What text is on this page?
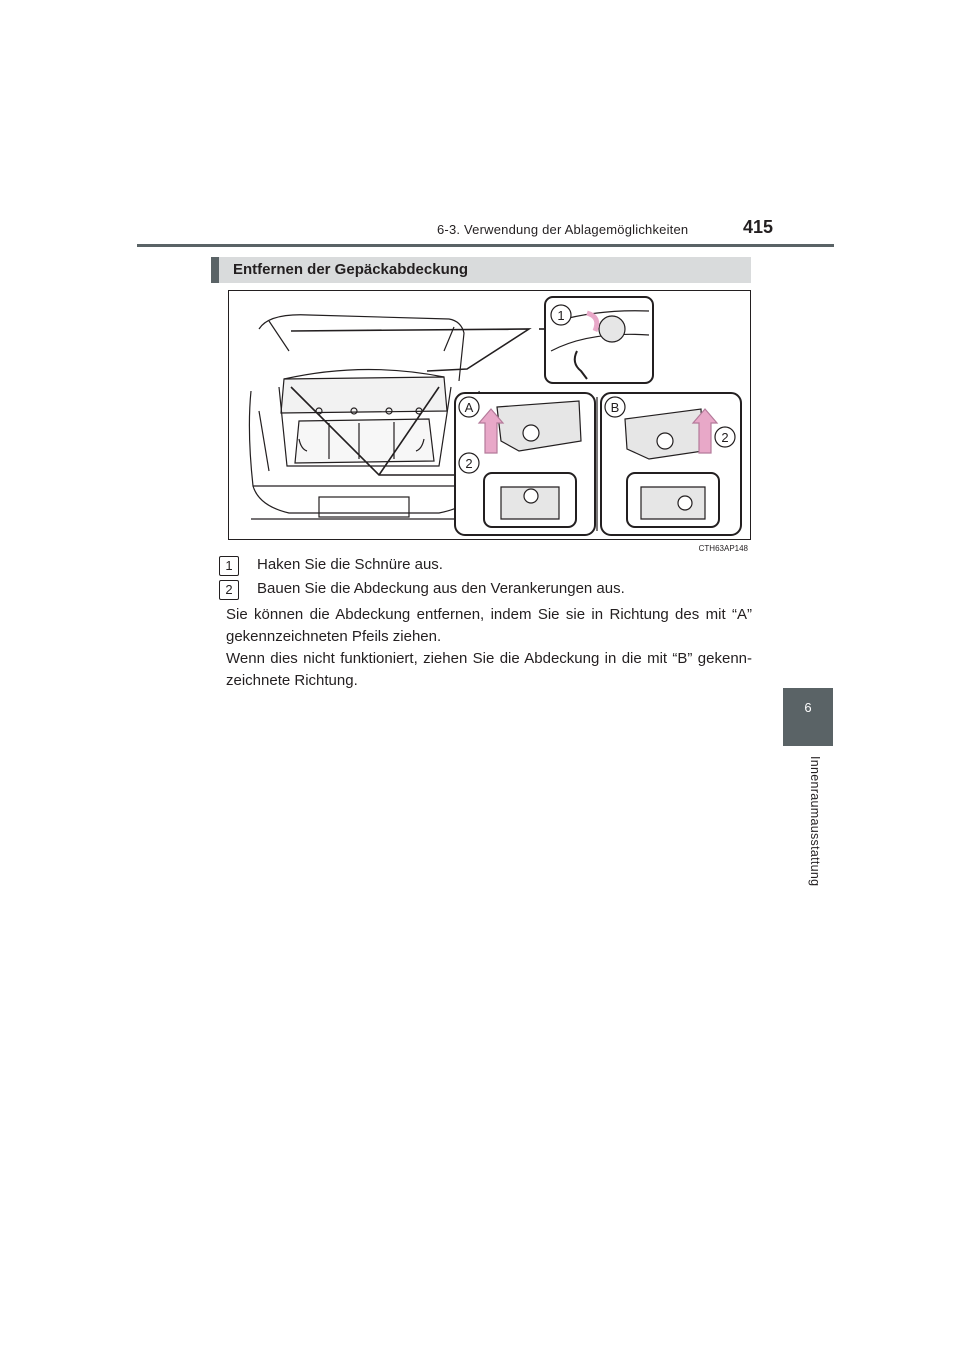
6-3. Verwendung der Ablagemöglichkeiten	415
6
Innenraumausstattung
Entfernen der Gepäckabdeckung
1
A
2
B
2
CTH63AP148
1	Haken Sie die Schnüre aus.
2	Bauen Sie die Abdeckung aus den Verankerungen aus.
Sie können die Abdeckung entfernen, indem Sie sie in Richtung des mit “A” gekennzeichneten Pfeils ziehen.
Wenn dies nicht funktioniert, ziehen Sie die Abdeckung in die mit “B” gekenn-zeichnete Richtung.
